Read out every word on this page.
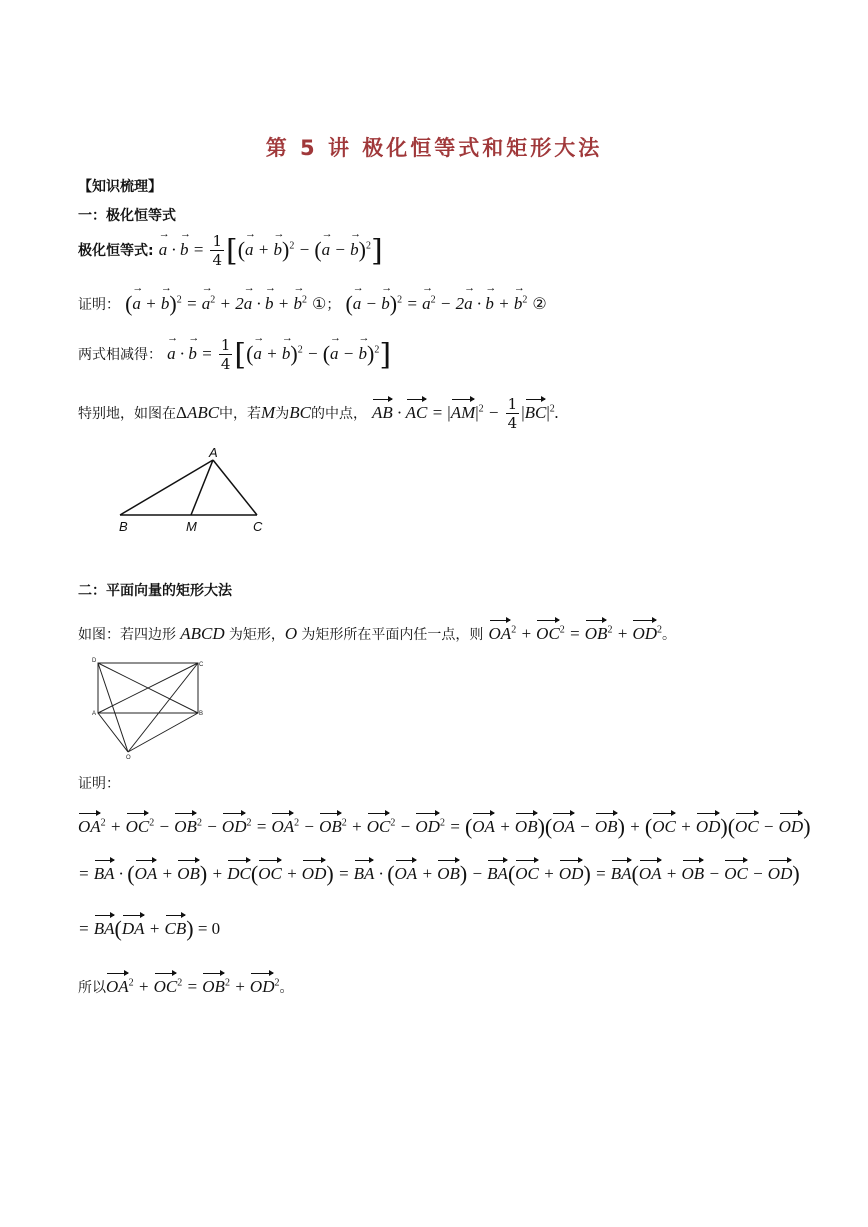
第 5 讲 极化恒等式和矩形大法
【知识梳理】
一：极化恒等式
极化恒等式: → a · → $b = \frac{1}{4}$ [(→ a + → b)$^2$ − (→ a − → b)$^2$]
证明： (→ a + → b)$^2$ = → $a^2 + 2\to a$ · → b + → $b^2$ ①； (→ a − → b)$^2$ = → $a^2 - 2\to a$ · → b + → $b^2$ ②
两式相减得： → a · → $b = \frac{1}{4}$ [(→ a + → b)$^2$ − (→ a − → b)$^2$]
特别地，如图在ΔABC中，若M为BC的中点， AB · AC = $|AM|^2 - \frac{1}{4} |BC|^2$.
A
B	M	C
二：平面向量的矩形大法
如图：若四边形 ABCD 为矩形，O 为矩形所在平面内任一点，则 $OA^2 + OC^2 = OB^2 + OD^2$。
D
C
A	B
O
证明：
$OA^2 + OC^2 - OB^2 - OD^2 = OA^2 - OB^2 + OC^2 - OD^2 = (OA + OB)(OA - OB) + (OC + OD)(OC - OD)$
= BA · (OA + OB) + DC(OC + OD) = BA · (OA + OB) − BA(OC + OD) = BA(OA + OB − OC − OD)
= BA(DA + CB) = 0
所以$OA^2 + OC^2 = OB^2 + OD^2$。
